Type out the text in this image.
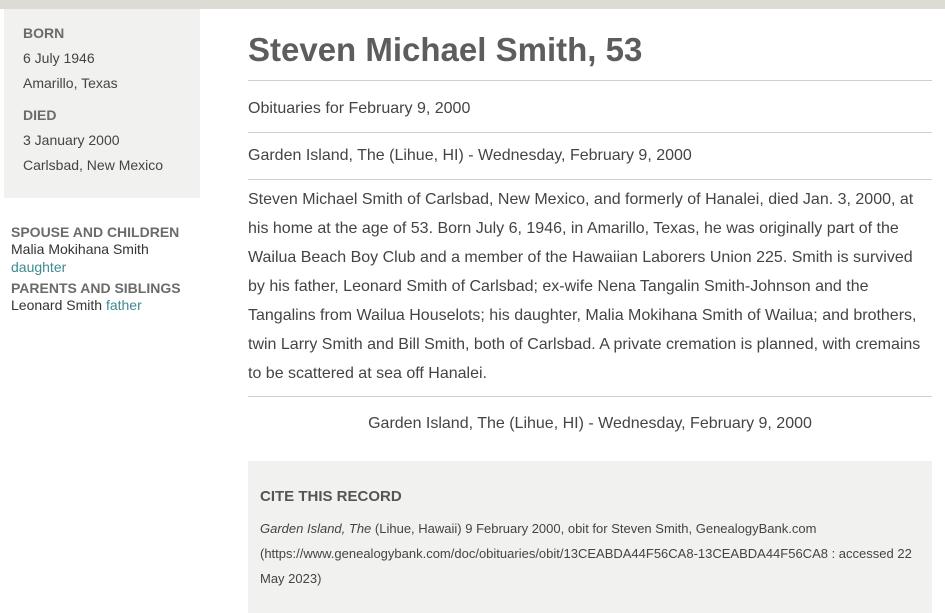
BORN
6 July 1946
Amarillo, Texas
DIED
3 January 2000
Carlsbad, New Mexico
SPOUSE AND CHILDREN
Malia Mokihana Smith
daughter
PARENTS AND SIBLINGS
Leonard Smith father
Steven Michael Smith, 53
Obituaries for February 9, 2000
Garden Island, The (Lihue, HI) - Wednesday, February 9, 2000

Steven Michael Smith of Carlsbad, New Mexico, and formerly of Hanalei, died Jan. 3, 2000, at his home at the age of 53. Born July 6, 1946, in Amarillo, Texas, he was originally part of the Wailua Beach Boy Club and a member of the Hawaiian Laborers Union 225. Smith is survived by his father, Leonard Smith of Carlsbad; ex-wife Nena Tangalin Smith-Johnson and the Tangalins from Wailua Houselots; his daughter, Malia Mokihana Smith of Wailua; and brothers, twin Larry Smith and Bill Smith, both of Carlsbad. A private cremation is planned, with cremains to be scattered at sea off Hanalei.

Garden Island, The (Lihue, HI) - Wednesday, February 9, 2000
CITE THIS RECORD
Garden Island, The (Lihue, Hawaii) 9 February 2000, obit for Steven Smith, GenealogyBank.com (https://www.genealogybank.com/doc/obituaries/obit/13CEABDA44F56CA8-13CEABDA44F56CA8 : accessed 22 May 2023)
